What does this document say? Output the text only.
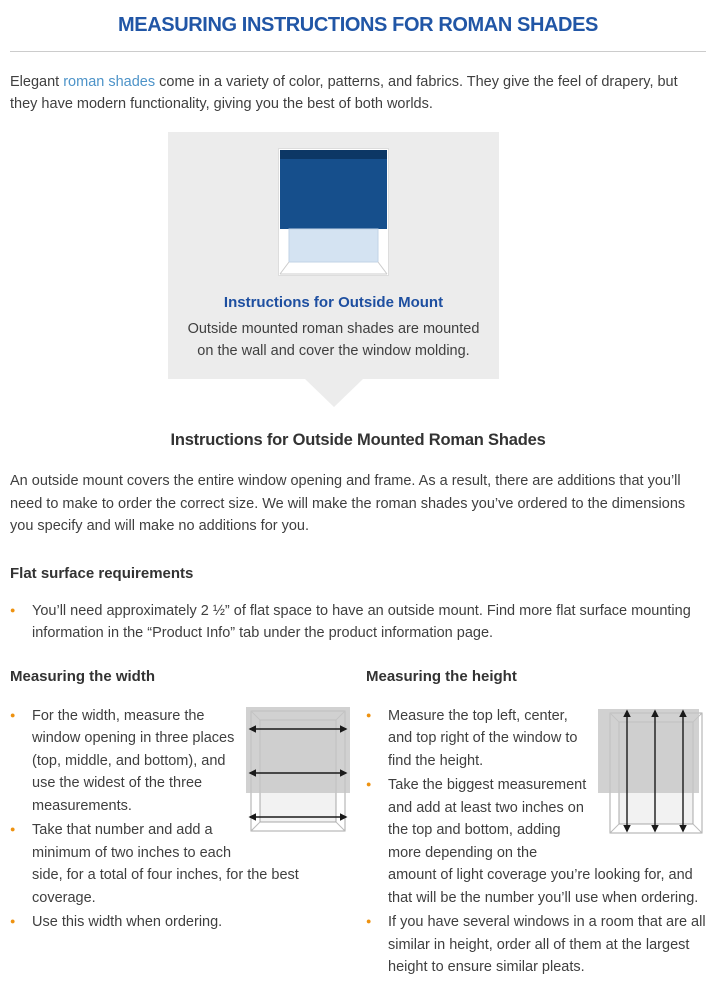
MEASURING INSTRUCTIONS FOR ROMAN SHADES

Elegant roman shades come in a variety of color, patterns, and fabrics. They give the feel of drapery, but they have modern functionality, giving you the best of both worlds.

Instructions for Outside Mount
Outside mounted roman shades are mounted on the wall and cover the window molding.
Instructions for Outside Mounted Roman Shades

An outside mount covers the entire window opening and frame. As a result, there are additions that you’ll need to make to order the correct size. We will make the roman shades you’ve ordered to the dimensions you specify and will make no additions for you.

Flat surface requirements
● You’ll need approximately 2 ½” of flat space to have an outside mount. Find more flat surface mounting information in the “Product Info” tab under the product information page.
Measuring the width
● For the width, measure the window opening in three places (top, middle, and bottom), and use the widest of the three measurements.
● Take that number and add a minimum of two inches to each side, for a total of four inches, for the best coverage.
● Use this width when ordering.
Measuring the height
● Measure the top left, center, and top right of the window to find the height.
● Take the biggest measurement and add at least two inches on the top and bottom, adding more depending on the amount of light coverage you’re looking for, and that will be the number you’ll use when ordering.
● If you have several windows in a room that are all similar in height, order all of them at the largest height to ensure similar pleats.
